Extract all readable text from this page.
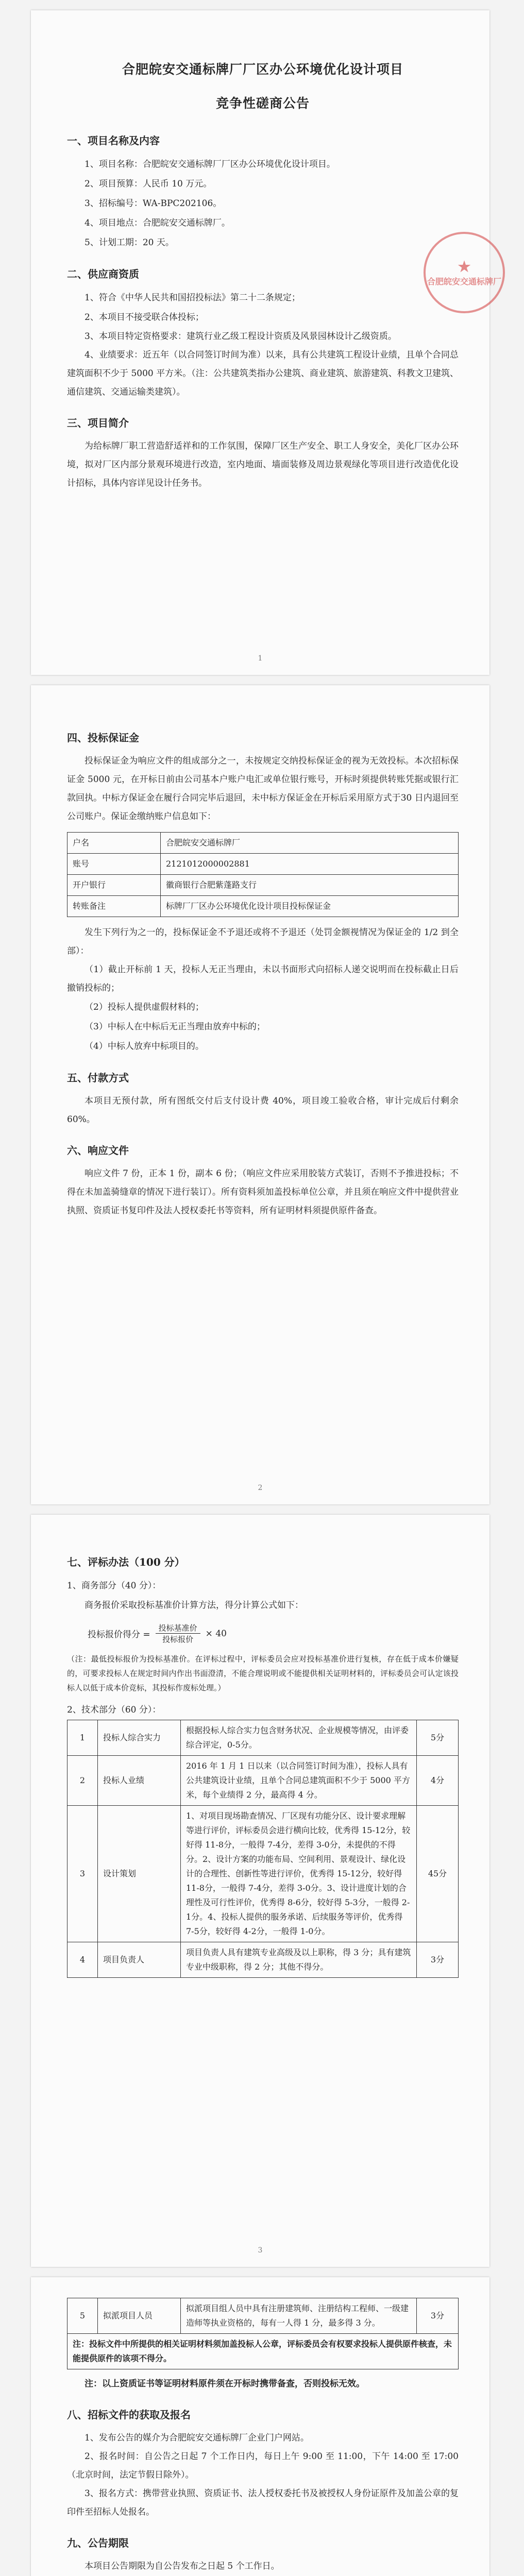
合肥皖安交通标牌厂厂区办公环境优化设计项目
竞争性磋商公告
一、项目名称及内容
1、项目名称：合肥皖安交通标牌厂厂区办公环境优化设计项目。
2、项目预算：人民币 10 万元。
3、招标编号：WA-BPC202106。
4、项目地点：合肥皖安交通标牌厂。
5、计划工期：20 天。
二、供应商资质
1、符合《中华人民共和国招投标法》第二十二条规定；
2、本项目不接受联合体投标；
3、本项目特定资格要求：建筑行业乙级工程设计资质及风景园林设计乙级资质。
4、业绩要求：近五年（以合同签订时间为准）以来，具有公共建筑工程设计业绩，且单个合同总建筑面积不少于 5000 平方米。（注：公共建筑类指办公建筑、商业建筑、旅游建筑、科教文卫建筑、通信建筑、交通运输类建筑）。
三、项目简介
为给标牌厂职工营造舒适祥和的工作氛围，保障厂区生产安全、职工人身安全，美化厂区办公环境，拟对厂区内部分景观环境进行改造，室内地面、墙面装修及周边景观绿化等项目进行改造优化设计招标，具体内容详见设计任务书。
★
合肥皖安交通标牌厂
1
四、投标保证金
投标保证金为响应文件的组成部分之一，未按规定交纳投标保证金的视为无效投标。本次招标保证金 5000 元，在开标日前由公司基本户账户电汇或单位银行账号，开标时须提供转账凭据或银行汇款回执。中标方保证金在履行合同完毕后退回，未中标方保证金在开标后采用原方式于30 日内退回至公司账户。保证金缴纳账户信息如下：
户名	合肥皖安交通标牌厂
账号	2121012000002881
开户银行	徽商银行合肥紫蓬路支行
转账备注	标牌厂厂区办公环境优化设计项目投标保证金
发生下列行为之一的，投标保证金不予退还或将不予退还（处罚金额视情况为保证金的 1/2 到全部）：
（1）截止开标前 1 天，投标人无正当理由，未以书面形式向招标人递交说明而在投标截止日后撤销投标的；
（2）投标人提供虚假材料的；
（3）中标人在中标后无正当理由放弃中标的；
（4）中标人放弃中标项目的。
五、付款方式
本项目无预付款，所有图纸交付后支付设计费 40%，项目竣工验收合格，审计完成后付剩余 60%。
六、响应文件
响应文件 7 份，正本 1 份，副本 6 份；（响应文件应采用胶装方式装订，否则不予推进投标；不得在未加盖骑缝章的情况下进行装订）。所有资料须加盖投标单位公章，并且须在响应文件中提供营业执照、资质证书复印件及法人授权委托书等资料，所有证明材料须提供原件备查。
2
七、评标办法（100 分）
1、商务部分（40 分）：
商务报价采取投标基准价计算方法，得分计算公式如下：
投标报价得分 = $\frac{\text{投标基准价}}{\text{投标报价}} \times 40$
（注：最低投标报价为投标基准价。在评标过程中，评标委员会应对投标基准价进行复核，存在低于成本价嫌疑的，可要求投标人在规定时间内作出书面澄清，不能合理说明或不能提供相关证明材料的，评标委员会可认定该投标人以低于成本价竞标，其投标作废标处理。）
2、技术部分（60 分）：
1	投标人综合实力	根据投标人综合实力包含财务状况、企业规模等情况，由评委综合评定，0-5分。	5分
2	投标人业绩	2016 年 1 月 1 日以来（以合同签订时间为准），投标人具有公共建筑设计业绩，且单个合同总建筑面积不少于 5000 平方米，每个业绩得 2 分，最高得 4 分。	4分
3	设计策划	1、对项目现场勘查情况、厂区现有功能分区、设计要求理解等进行评价，评标委员会进行横向比较，优秀得 15-12分，较好得 11-8分，一般得 7-4分，差得 3-0分，未提供的不得分。2、设计方案的功能布局、空间利用、景观设计、绿化设计的合理性、创新性等进行评价，优秀得 15-12分，较好得 11-8分，一般得 7-4分，差得 3-0分。3、设计进度计划的合理性及可行性评价，优秀得 8-6分，较好得 5-3分，一般得 2-1分。4、投标人提供的服务承诺、后续服务等评价，优秀得 7-5分，较好得 4-2分，一般得 1-0分。	45分
4	项目负责人	项目负责人具有建筑专业高级及以上职称，得 3 分；具有建筑专业中级职称，得 2 分；其他不得分。	3分
3
5	拟派项目人员	拟派项目组人员中具有注册建筑师、注册结构工程师、一级建造师等执业资格的，每有一人得 1 分，最多得 3 分。	3分
注：投标文件中所提供的相关证明材料须加盖投标人公章，评标委员会有权要求投标人提供原件核查，未能提供原件的该项不得分。
注：以上资质证书等证明材料原件须在开标时携带备查，否则投标无效。
八、招标文件的获取及报名
1、发布公告的媒介为合肥皖安交通标牌厂企业门户网站。
2、报名时间：自公告之日起 7 个工作日内，每日上午 9:00 至 11:00，下午 14:00 至 17:00（北京时间，法定节假日除外）。
3、报名方式：携带营业执照、资质证书、法人授权委托书及被授权人身份证原件及加盖公章的复印件至招标人处报名。
九、公告期限
本项目公告期限为自公告发布之日起 5 个工作日。
